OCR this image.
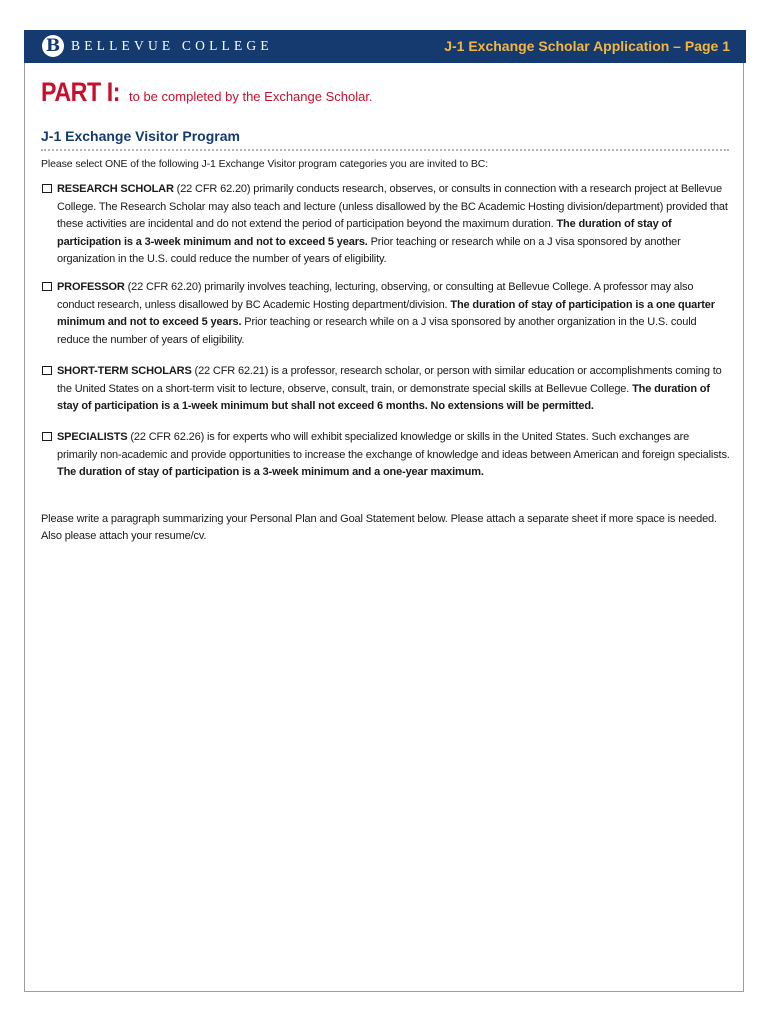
B BELLEVUE COLLEGE	J-1 Exchange Scholar Application – Page 1
PART I: to be completed by the Exchange Scholar.
J-1 Exchange Visitor Program
Please select ONE of the following J-1 Exchange Visitor program categories you are invited to BC:
RESEARCH SCHOLAR (22 CFR 62.20) primarily conducts research, observes, or consults in connection with a research project at Bellevue College. The Research Scholar may also teach and lecture (unless disallowed by the BC Academic Hosting division/department) provided that these activities are incidental and do not extend the period of participation beyond the maximum duration. The duration of stay of participation is a 3-week minimum and not to exceed 5 years. Prior teaching or research while on a J visa sponsored by another organization in the U.S. could reduce the number of years of eligibility.
PROFESSOR (22 CFR 62.20) primarily involves teaching, lecturing, observing, or consulting at Bellevue College. A professor may also conduct research, unless disallowed by BC Academic Hosting department/division. The duration of stay of participation is a one quarter minimum and not to exceed 5 years. Prior teaching or research while on a J visa sponsored by another organization in the U.S. could reduce the number of years of eligibility.
SHORT-TERM SCHOLARS (22 CFR 62.21) is a professor, research scholar, or person with similar education or accomplishments coming to the United States on a short-term visit to lecture, observe, consult, train, or demonstrate special skills at Bellevue College. The duration of stay of participation is a 1-week minimum but shall not exceed 6 months. No extensions will be permitted.
SPECIALISTS (22 CFR 62.26) is for experts who will exhibit specialized knowledge or skills in the United States. Such exchanges are primarily non-academic and provide opportunities to increase the exchange of knowledge and ideas between American and foreign specialists. The duration of stay of participation is a 3-week minimum and a one-year maximum.
Please write a paragraph summarizing your Personal Plan and Goal Statement below. Please attach a separate sheet if more space is needed. Also please attach your resume/cv.
